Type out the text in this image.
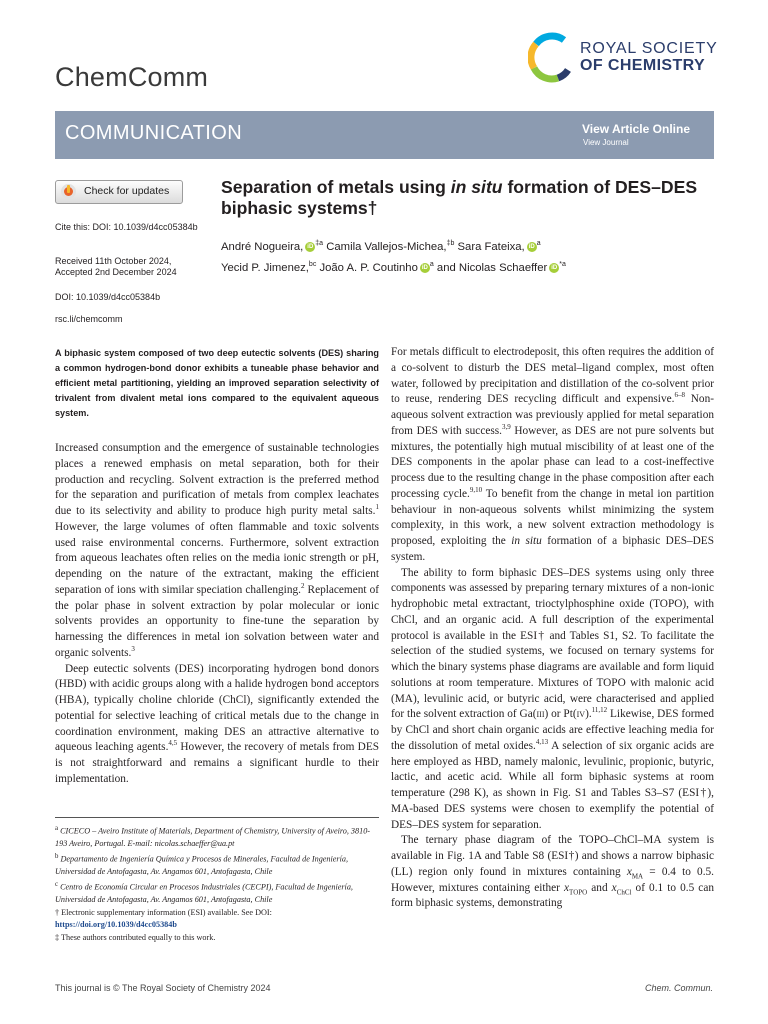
ChemComm
ROYAL SOCIETY
OF CHEMISTRY
COMMUNICATION	View Article Online
View Journal
Check for updates
Cite this: DOI: 10.1039/d4cc05384b
Received 11th October 2024,
Accepted 2nd December 2024
DOI: 10.1039/d4cc05384b
rsc.li/chemcomm
Separation of metals using in situ formation of DES–DES biphasic systems†
André Nogueira, iD $^{\ddagger a}$ Camila Vallejos-Michea,$^{\ddagger b}$ Sara Fateixa, iD $^a$
Yecid P. Jimenez,$^{bc}$ João A. P. Coutinho iD $^a$ and Nicolas Schaeffer iD $^{*a}$
A biphasic system composed of two deep eutectic solvents (DES) sharing a common hydrogen-bond donor exhibits a tuneable phase behavior and efficient metal partitioning, yielding an improved separation selectivity of trivalent from divalent metal ions compared to the equivalent aqueous system.

Increased consumption and the emergence of sustainable technologies places a renewed emphasis on metal separation, both for their production and recycling. Solvent extraction is the preferred method for the separation and purification of metals from complex leachates due to its selectivity and ability to produce high purity metal salts.$^1$ However, the large volumes of often flammable and toxic solvents used raise environmental concerns. Furthermore, solvent extraction from aqueous leachates often relies on the media ionic strength or pH, depending on the nature of the extractant, making the efficient separation of ions with similar speciation challenging.$^2$ Replacement of the polar phase in solvent extraction by polar molecular or ionic solvents provides an opportunity to fine-tune the separation by harnessing the differences in metal ion solvation between water and organic solvents.$^3$

Deep eutectic solvents (DES) incorporating hydrogen bond donors (HBD) with acidic groups along with a halide hydrogen bond acceptors (HBA), typically choline chloride (ChCl), significantly extended the potential for selective leaching of critical metals due to the change in coordination environment, making DES an attractive alternative to aqueous leaching agents.$^{4,5}$ However, the recovery of metals from DES is not straightforward and remains a significant hurdle to their implementation.

$^a$ CICECO – Aveiro Institute of Materials, Department of Chemistry, University of Aveiro, 3810-193 Aveiro, Portugal. E-mail: nicolas.schaeffer@ua.pt

$^b$ Departamento de Ingeniería Química y Procesos de Minerales, Facultad de Ingeniería, Universidad de Antofagasta, Av. Angamos 601, Antofagasta, Chile

$^c$ Centro de Economía Circular en Procesos Industriales (CECPI), Facultad de Ingeniería, Universidad de Antofagasta, Av. Angamos 601, Antofagasta, Chile

† Electronic supplementary information (ESI) available. See DOI: https://doi.org/10.1039/d4cc05384b

‡ These authors contributed equally to this work.

For metals difficult to electrodeposit, this often requires the addition of a co-solvent to disturb the DES metal–ligand complex, most often water, followed by precipitation and distillation of the co-solvent prior to reuse, rendering DES recycling difficult and expensive.$^{6-8}$ Non-aqueous solvent extraction was previously applied for metal separation from DES with success.$^{3,9}$ However, as DES are not pure solvents but mixtures, the potentially high mutual miscibility of at least one of the DES components in the apolar phase can lead to a cost-ineffective process due to the resulting change in the phase composition after each processing cycle.$^{9,10}$ To benefit from the change in metal ion partition behaviour in non-aqueous solvents whilst minimizing the system complexity, in this work, a new solvent extraction methodology is proposed, exploiting the in situ formation of a biphasic DES–DES system.

The ability to form biphasic DES–DES systems using only three components was assessed by preparing ternary mixtures of a non-ionic hydrophobic metal extractant, trioctylphosphine oxide (TOPO), with ChCl, and an organic acid. A full description of the experimental protocol is available in the ESI† and Tables S1, S2. To facilitate the selection of the studied systems, we focused on ternary systems for which the binary systems phase diagrams are available and form liquid solutions at room temperature. Mixtures of TOPO with malonic acid (MA), levulinic acid, or butyric acid, were characterised and applied for the solvent extraction of Ga(iii) or Pt(iv).$^{11,12}$ Likewise, DES formed by ChCl and short chain organic acids are effective leaching media for the dissolution of metal oxides.$^{4,13}$ A selection of six organic acids are here employed as HBD, namely malonic, levulinic, propionic, butyric, lactic, and acetic acid. While all form biphasic systems at room temperature (298 K), as shown in Fig. S1 and Tables S3–S7 (ESI†), MA-based DES systems were chosen to exemplify the potential of DES–DES system for separation.

The ternary phase diagram of the TOPO–ChCl–MA system is available in Fig. 1A and Table S8 (ESI†) and shows a narrow biphasic (LL) region only found in mixtures containing $x_{MA} = 0.4$ to 0.5. However, mixtures containing either $x_{TOPO}$ and $x_{ChCl}$ of 0.1 to 0.5 can form biphasic systems, demonstrating

This journal is © The Royal Society of Chemistry 2024	Chem. Commun.
